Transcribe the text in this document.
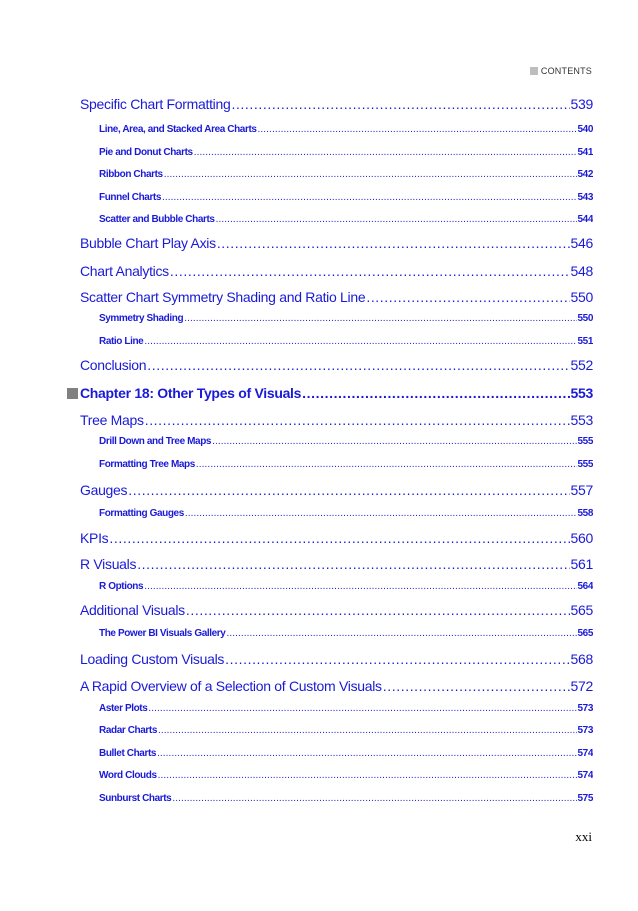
CONTENTS
Specific Chart Formatting .....	539
Line, Area, and Stacked Area Charts .....	540
Pie and Donut Charts .....	541
Ribbon Charts .....	542
Funnel Charts .....	543
Scatter and Bubble Charts .....	544
Bubble Chart Play Axis .....	546
Chart Analytics .....	548
Scatter Chart Symmetry Shading and Ratio Line .....	550
Symmetry Shading .....	550
Ratio Line .....	551
Conclusion .....	552
Chapter 18: Other Types of Visuals .....	553
Tree Maps .....	553
Drill Down and Tree Maps .....	555
Formatting Tree Maps .....	555
Gauges .....	557
Formatting Gauges .....	558
KPIs .....	560
R Visuals .....	561
R Options .....	564
Additional Visuals .....	565
The Power BI Visuals Gallery .....	565
Loading Custom Visuals .....	568
A Rapid Overview of a Selection of Custom Visuals .....	572
Aster Plots .....	573
Radar Charts .....	573
Bullet Charts .....	574
Word Clouds .....	574
Sunburst Charts .....	575
xxi
